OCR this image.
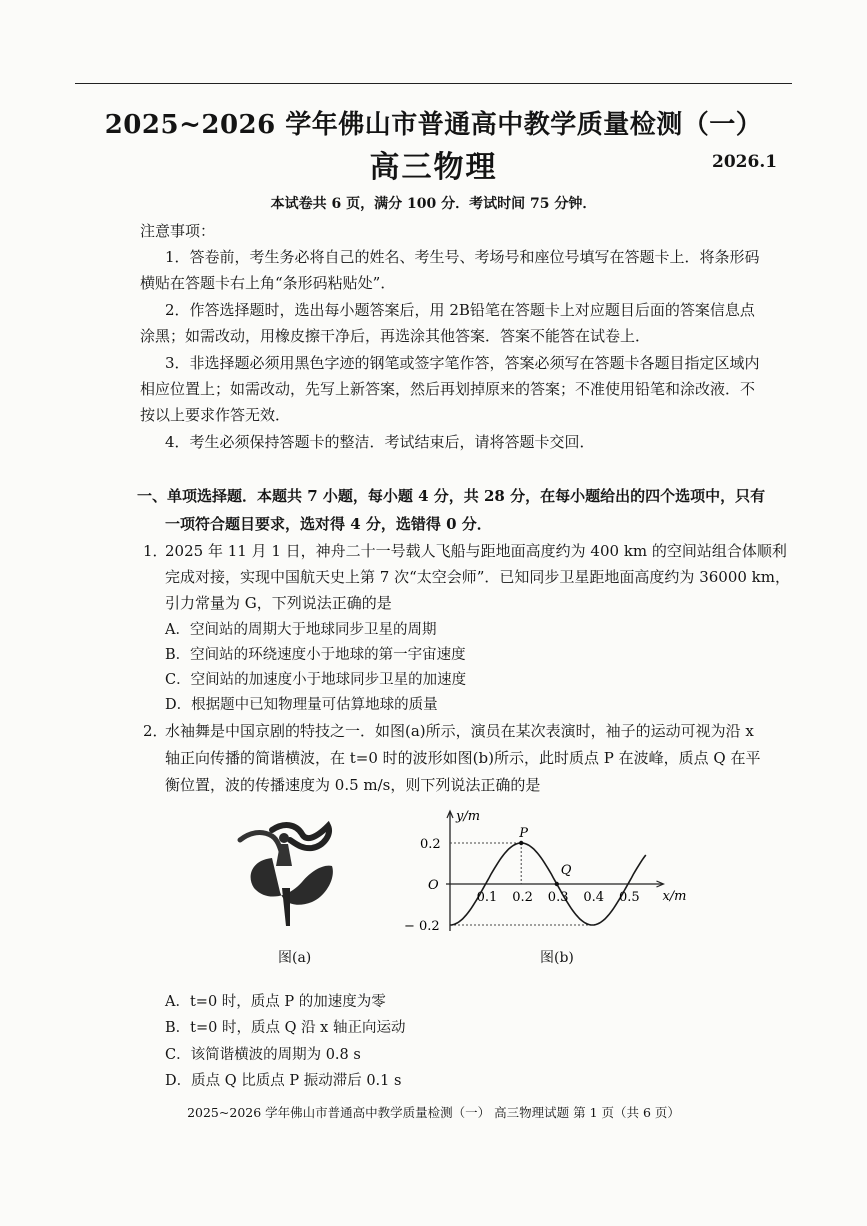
2025~2026 学年佛山市普通高中教学质量检测（一）
高三物理	2026.1
本试卷共 6 页，满分 100 分．考试时间 75 分钟．
注意事项：
1．答卷前，考生务必将自己的姓名、考生号、考场号和座位号填写在答题卡上．将条形码
横贴在答题卡右上角“条形码粘贴处”．
2．作答选择题时，选出每小题答案后，用 2B铅笔在答题卡上对应题目后面的答案信息点
涂黑；如需改动，用橡皮擦干净后，再选涂其他答案．答案不能答在试卷上．
3．非选择题必须用黑色字迹的钢笔或签字笔作答，答案必须写在答题卡各题目指定区域内
相应位置上；如需改动，先写上新答案，然后再划掉原来的答案；不准使用铅笔和涂改液．不
按以上要求作答无效．
4．考生必须保持答题卡的整洁．考试结束后，请将答题卡交回．
一、单项选择题．本题共 7 小题，每小题 4 分，共 28 分，在每小题给出的四个选项中，只有
一项符合题目要求，选对得 4 分，选错得 0 分．
1．
2025 年 11 月 1 日，神舟二十一号载人飞船与距地面高度约为 400 km 的空间站组合体顺利
完成对接，实现中国航天史上第 7 次“太空会师”．已知同步卫星距地面高度约为 36000 km，
引力常量为 G，下列说法正确的是
A．空间站的周期大于地球同步卫星的周期
B．空间站的环绕速度小于地球的第一宇宙速度
C．空间站的加速度小于地球同步卫星的加速度
D．根据题中已知物理量可估算地球的质量
2．
水袖舞是中国京剧的特技之一．如图(a)所示，演员在某次表演时，袖子的运动可视为沿 x
轴正向传播的简谐横波，在 t=0 时的波形如图(b)所示，此时质点 P 在波峰，质点 Q 在平
衡位置，波的传播速度为 0.5 m/s，则下列说法正确的是
图(a)
y/m
x/m
O
0.2
− 0.2
0.1 0.2 0.3 0.4 0.5
P
Q
图(b)
A．t=0 时，质点 P 的加速度为零
B．t=0 时，质点 Q 沿 x 轴正向运动
C．该简谐横波的周期为 0.8 s
D．质点 Q 比质点 P 振动滞后 0.1 s
2025~2026 学年佛山市普通高中教学质量检测（一） 高三物理试题 第 1 页（共 6 页）
